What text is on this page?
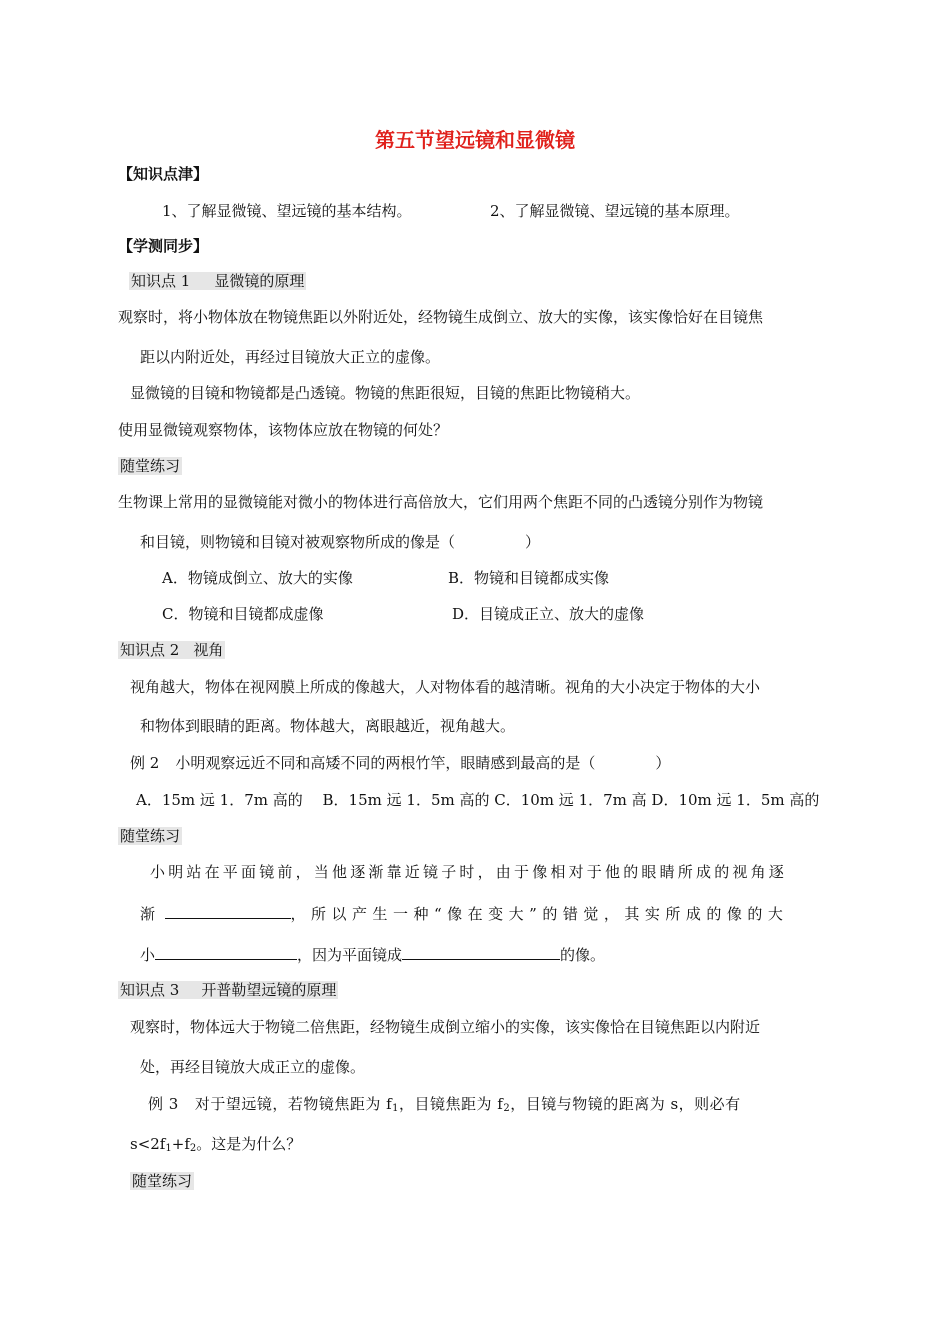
第五节望远镜和显微镜
【知识点津】
1、了解显微镜、望远镜的基本结构。	2、了解显微镜、望远镜的基本原理。
【学测同步】
知识点 1 显微镜的原理
观察时，将小物体放在物镜焦距以外附近处，经物镜生成倒立、放大的实像，该实像恰好在目镜焦
距以内附近处，再经过目镜放大正立的虚像。
显微镜的目镜和物镜都是凸透镜。物镜的焦距很短，目镜的焦距比物镜稍大。
使用显微镜观察物体，该物体应放在物镜的何处？
随堂练习
生物课上常用的显微镜能对微小的物体进行高倍放大，它们用两个焦距不同的凸透镜分别作为物镜
和目镜，则物镜和目镜对被观察物所成的像是（	）
A．物镜成倒立、放大的实像	B．物镜和目镜都成实像
C．物镜和目镜都成虚像	D．目镜成正立、放大的虚像
知识点 2 视角
视角越大，物体在视网膜上所成的像越大，人对物体看的越清晰。视角的大小决定于物体的大小
和物体到眼睛的距离。物体越大，离眼越近，视角越大。
例 2 小明观察远近不同和高矮不同的两根竹竿，眼睛感到最高的是（	）
A．15m 远 1．7m 高的　 B．15m 远 1．5m 高的 C．10m 远 1．7m 高 D．10m 远 1．5m 高的
随堂练习
小明站在平面镜前，当他逐渐靠近镜子时，由于像相对于他的眼睛所成的视角逐
渐	，所以产生一种“像在变大”的错觉，其实所成的像的大
小	，因为平面镜成	的像。
知识点 3 开普勒望远镜的原理
观察时，物体远大于物镜二倍焦距，经物镜生成倒立缩小的实像，该实像恰在目镜焦距以内附近
处，再经目镜放大成正立的虚像。
例 3 对于望远镜，若物镜焦距为 $f_1$，目镜焦距为 $f_2$，目镜与物镜的距离为 s，则必有
$s<2f_1+f_2$。这是为什么？
随堂练习
